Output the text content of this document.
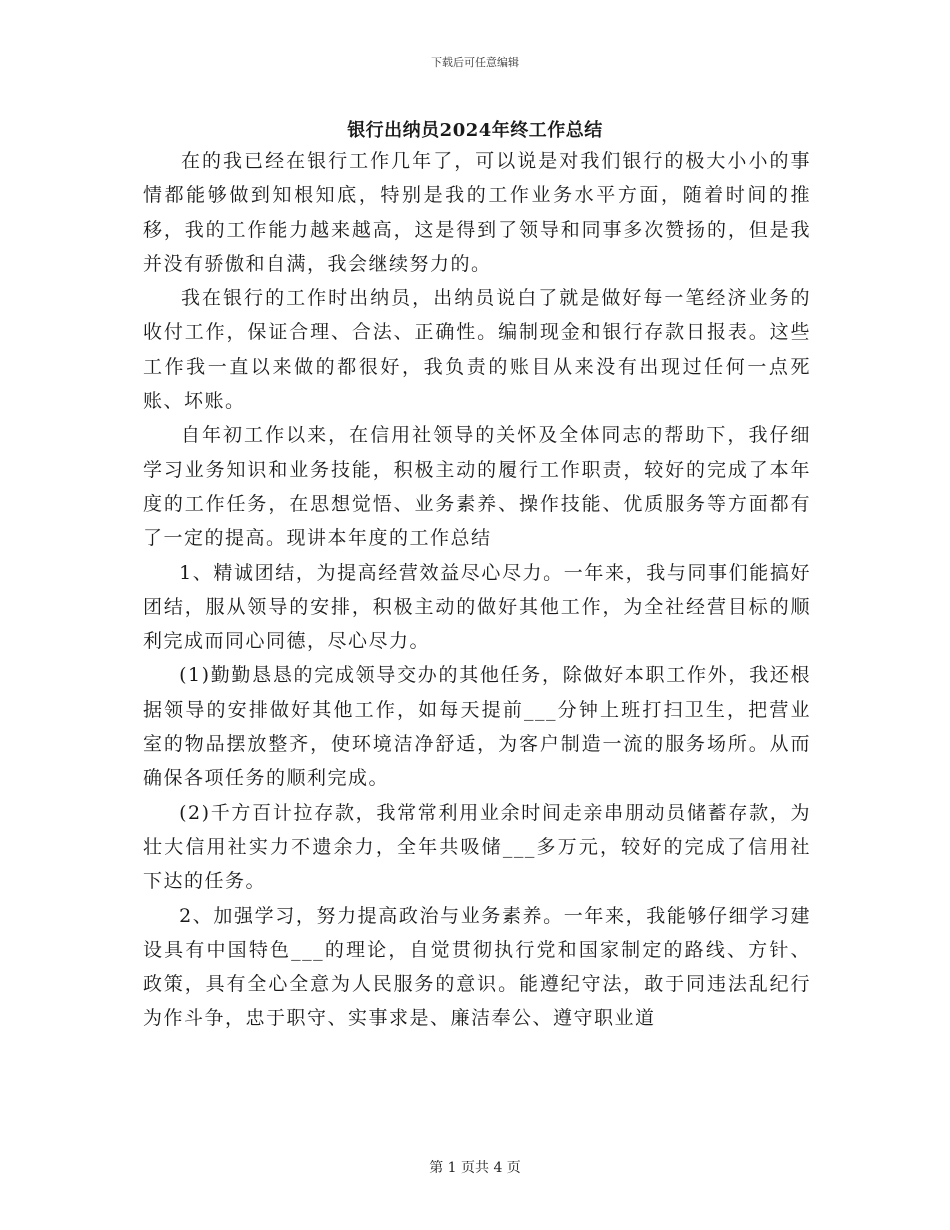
下载后可任意编辑
银行出纳员2024年终工作总结

在的我已经在银行工作几年了，可以说是对我们银行的极大小小的事情都能够做到知根知底，特别是我的工作业务水平方面，随着时间的推移，我的工作能力越来越高，这是得到了领导和同事多次赞扬的，但是我并没有骄傲和自满，我会继续努力的。

我在银行的工作时出纳员，出纳员说白了就是做好每一笔经济业务的收付工作，保证合理、合法、正确性。编制现金和银行存款日报表。这些工作我一直以来做的都很好，我负责的账目从来没有出现过任何一点死账、坏账。

自年初工作以来，在信用社领导的关怀及全体同志的帮助下，我仔细学习业务知识和业务技能，积极主动的履行工作职责，较好的完成了本年度的工作任务，在思想觉悟、业务素养、操作技能、优质服务等方面都有了一定的提高。现讲本年度的工作总结

1、精诚团结，为提高经营效益尽心尽力。一年来，我与同事们能搞好团结，服从领导的安排，积极主动的做好其他工作，为全社经营目标的顺利完成而同心同德，尽心尽力。

(1)勤勤恳恳的完成领导交办的其他任务，除做好本职工作外，我还根据领导的安排做好其他工作，如每天提前___分钟上班打扫卫生，把营业室的物品摆放整齐，使环境洁净舒适，为客户制造一流的服务场所。从而确保各项任务的顺利完成。

(2)千方百计拉存款，我常常利用业余时间走亲串朋动员储蓄存款，为壮大信用社实力不遗余力，全年共吸储___多万元，较好的完成了信用社下达的任务。

2、加强学习，努力提高政治与业务素养。一年来，我能够仔细学习建设具有中国特色___的理论，自觉贯彻执行党和国家制定的路线、方针、政策，具有全心全意为人民服务的意识。能遵纪守法，敢于同违法乱纪行为作斗争，忠于职守、实事求是、廉洁奉公、遵守职业道

第 1 页共 4 页
